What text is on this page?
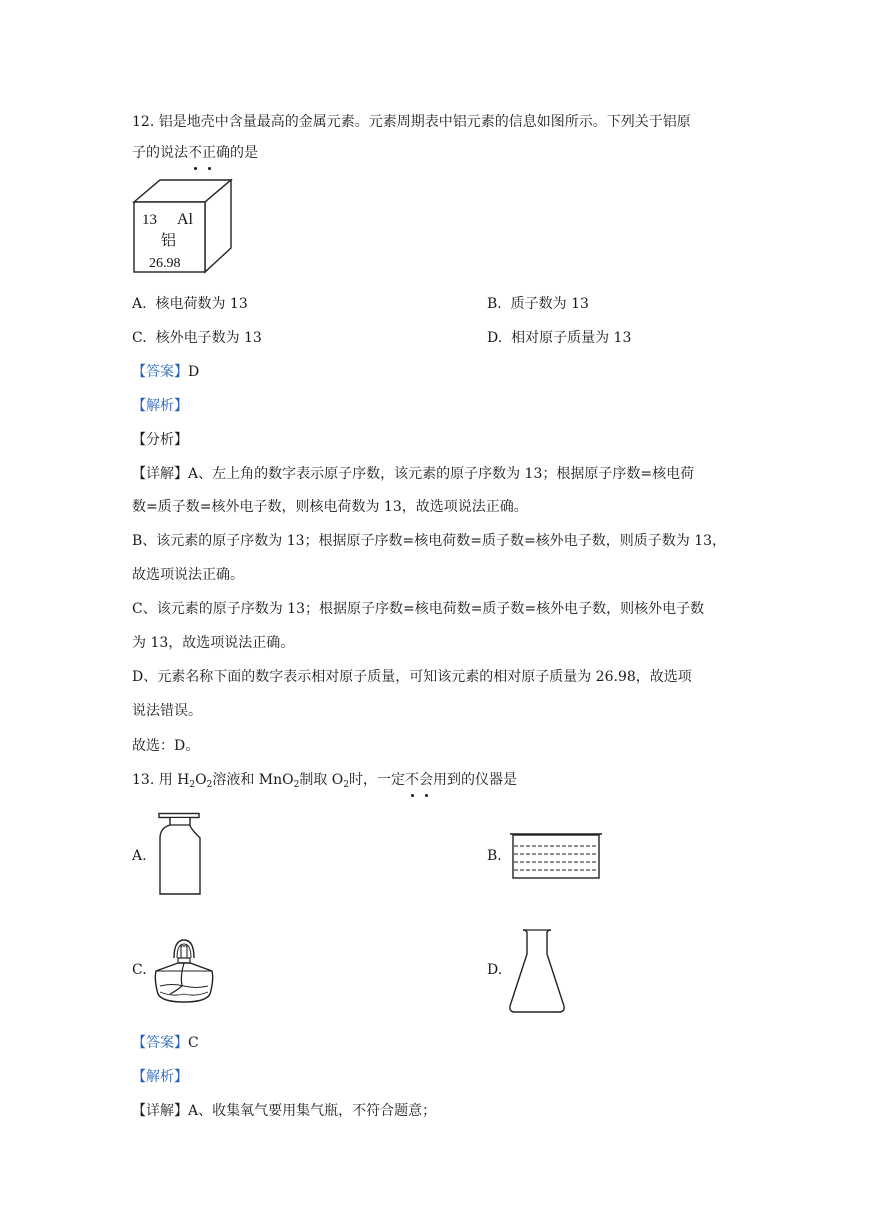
12. 铝是地壳中含量最高的金属元素。元素周期表中铝元素的信息如图所示。下列关于铝原
子的说法不正确的是
13 Al
铝
26.98
A. 核电荷数为 13	B. 质子数为 13
C. 核外电子数为 13	D. 相对原子质量为 13
【答案】D
【解析】
【分析】
【详解】A、左上角的数字表示原子序数，该元素的原子序数为 13；根据原子序数=核电荷
数=质子数=核外电子数，则核电荷数为 13，故选项说法正确。
B、该元素的原子序数为 13；根据原子序数=核电荷数=质子数=核外电子数，则质子数为 13，
故选项说法正确。
C、该元素的原子序数为 13；根据原子序数=核电荷数=质子数=核外电子数，则核外电子数
为 13，故选项说法正确。
D、元素名称下面的数字表示相对原子质量，可知该元素的相对原子质量为 26.98，故选项
说法错误。
故选：D。
13. 用 $H_2O_2$溶液和 MnO$_2$制取 $O_2$时，一定不会用到的仪器是
A.	B.
C.	D.
【答案】C
【解析】
【详解】A、收集氧气要用集气瓶，不符合题意；
